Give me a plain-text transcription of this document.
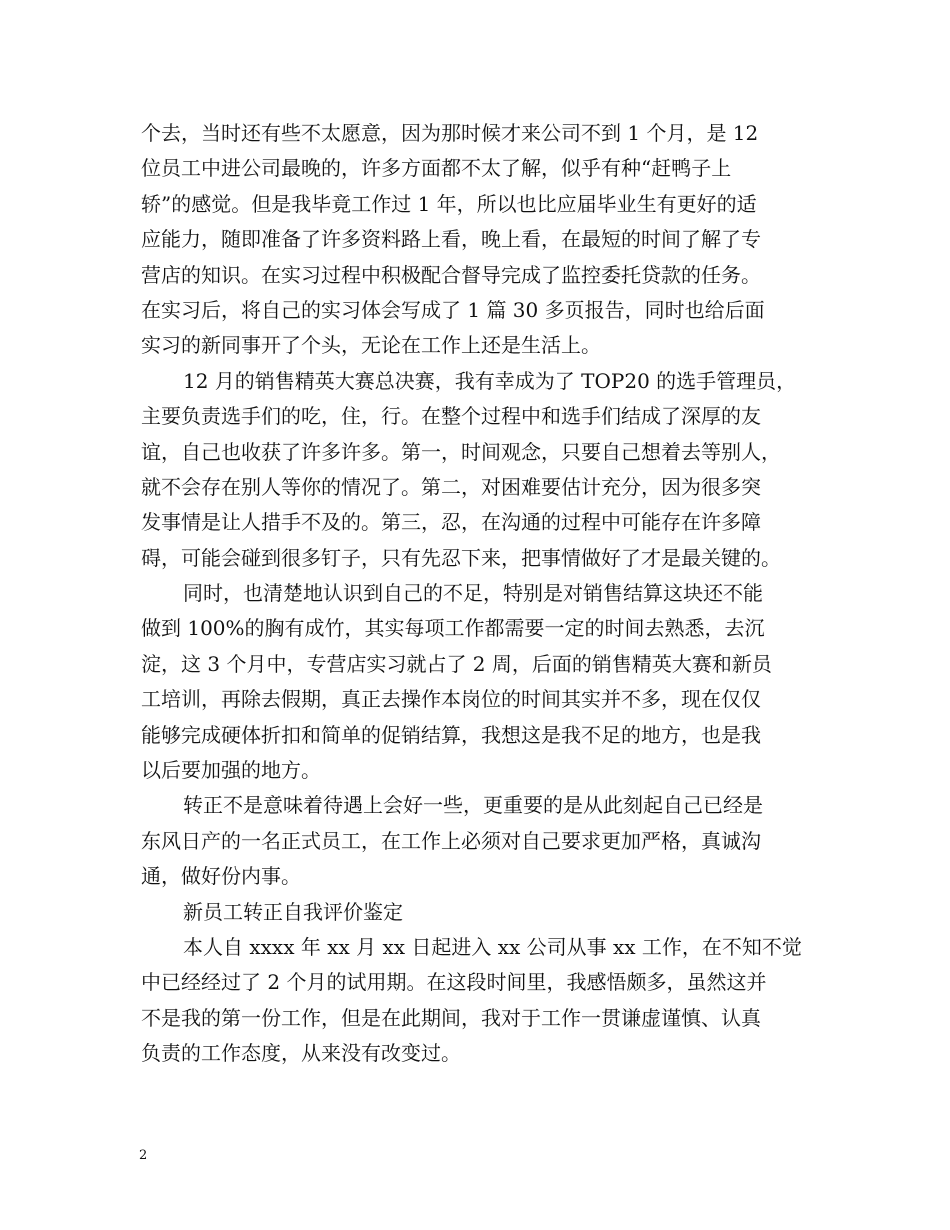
个去，当时还有些不太愿意，因为那时候才来公司不到 1 个月，是 12
位员工中进公司最晚的，许多方面都不太了解，似乎有种“赶鸭子上
轿”的感觉。但是我毕竟工作过 1 年，所以也比应届毕业生有更好的适
应能力，随即准备了许多资料路上看，晚上看，在最短的时间了解了专
营店的知识。在实习过程中积极配合督导完成了监控委托贷款的任务。
在实习后，将自己的实习体会写成了 1 篇 30 多页报告，同时也给后面
实习的新同事开了个头，无论在工作上还是生活上。
12 月的销售精英大赛总决赛，我有幸成为了 TOP20 的选手管理员，
主要负责选手们的吃，住，行。在整个过程中和选手们结成了深厚的友
谊，自己也收获了许多许多。第一，时间观念，只要自己想着去等别人，
就不会存在别人等你的情况了。第二，对困难要估计充分，因为很多突
发事情是让人措手不及的。第三，忍，在沟通的过程中可能存在许多障
碍，可能会碰到很多钉子，只有先忍下来，把事情做好了才是最关键的。
同时，也清楚地认识到自己的不足，特别是对销售结算这块还不能
做到 100%的胸有成竹，其实每项工作都需要一定的时间去熟悉，去沉
淀，这 3 个月中，专营店实习就占了 2 周，后面的销售精英大赛和新员
工培训，再除去假期，真正去操作本岗位的时间其实并不多，现在仅仅
能够完成硬体折扣和简单的促销结算，我想这是我不足的地方，也是我
以后要加强的地方。
转正不是意味着待遇上会好一些，更重要的是从此刻起自己已经是
东风日产的一名正式员工，在工作上必须对自己要求更加严格，真诚沟
通，做好份内事。
新员工转正自我评价鉴定
本人自 xxxx 年 xx 月 xx 日起进入 xx 公司从事 xx 工作，在不知不觉
中已经经过了 2 个月的试用期。在这段时间里，我感悟颇多，虽然这并
不是我的第一份工作，但是在此期间，我对于工作一贯谦虚谨慎、认真
负责的工作态度，从来没有改变过。
2
